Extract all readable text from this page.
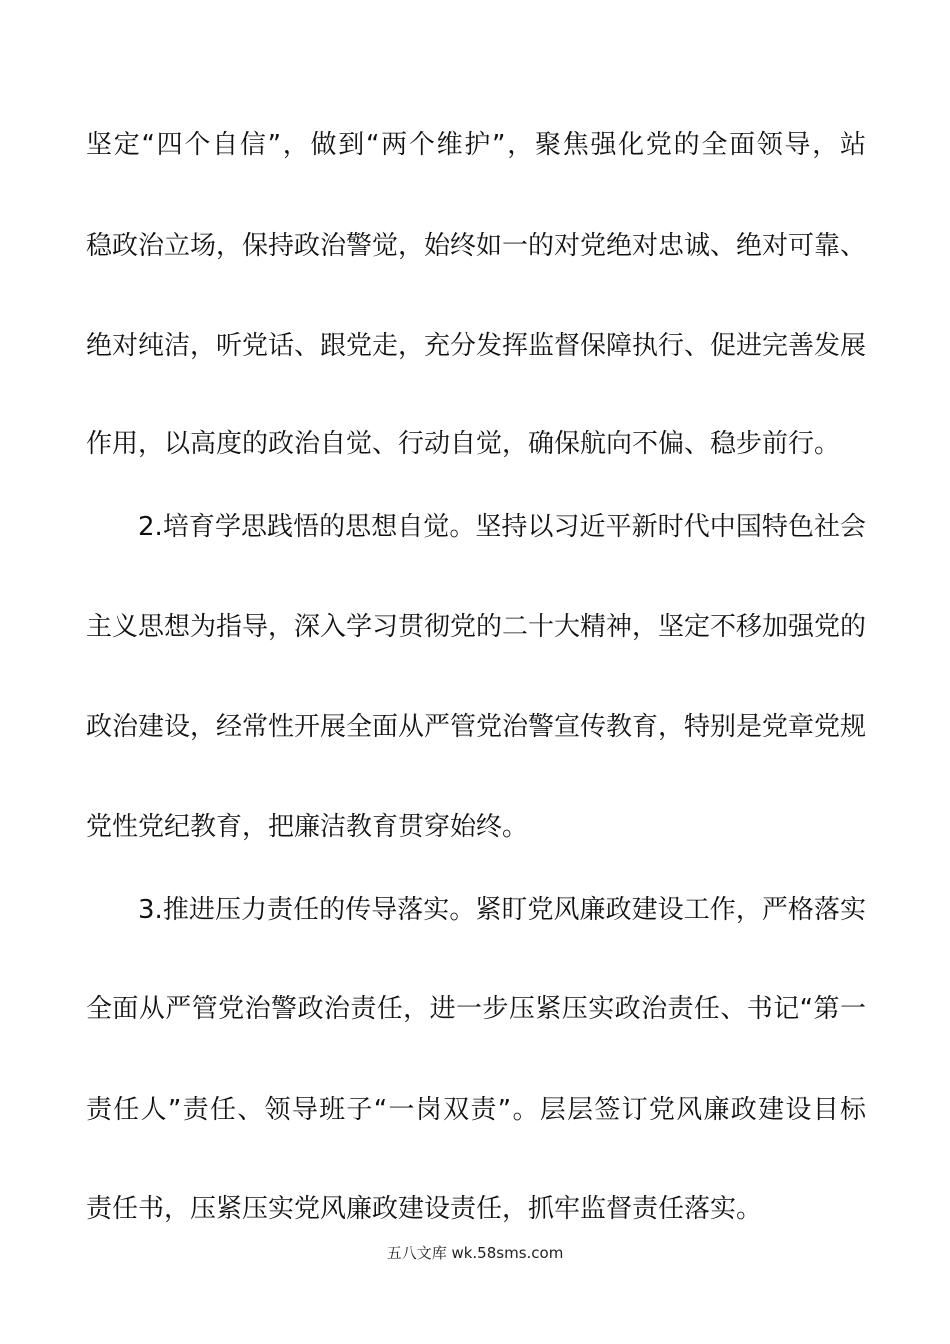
坚定“四个自信”，做到“两个维护”，聚焦强化党的全面领导，站
稳政治立场，保持政治警觉，始终如一的对党绝对忠诚、绝对可靠、
绝对纯洁，听党话、跟党走，充分发挥监督保障执行、促进完善发展
作用，以高度的政治自觉、行动自觉，确保航向不偏、稳步前行。
2.培育学思践悟的思想自觉。坚持以习近平新时代中国特色社会
主义思想为指导，深入学习贯彻党的二十大精神，坚定不移加强党的
政治建设，经常性开展全面从严管党治警宣传教育，特别是党章党规
党性党纪教育，把廉洁教育贯穿始终。
3.推进压力责任的传导落实。紧盯党风廉政建设工作，严格落实
全面从严管党治警政治责任，进一步压紧压实政治责任、书记“第一
责任人”责任、领导班子“一岗双责”。层层签订党风廉政建设目标
责任书，压紧压实党风廉政建设责任，抓牢监督责任落实。
五八文库 wk.58sms.com
